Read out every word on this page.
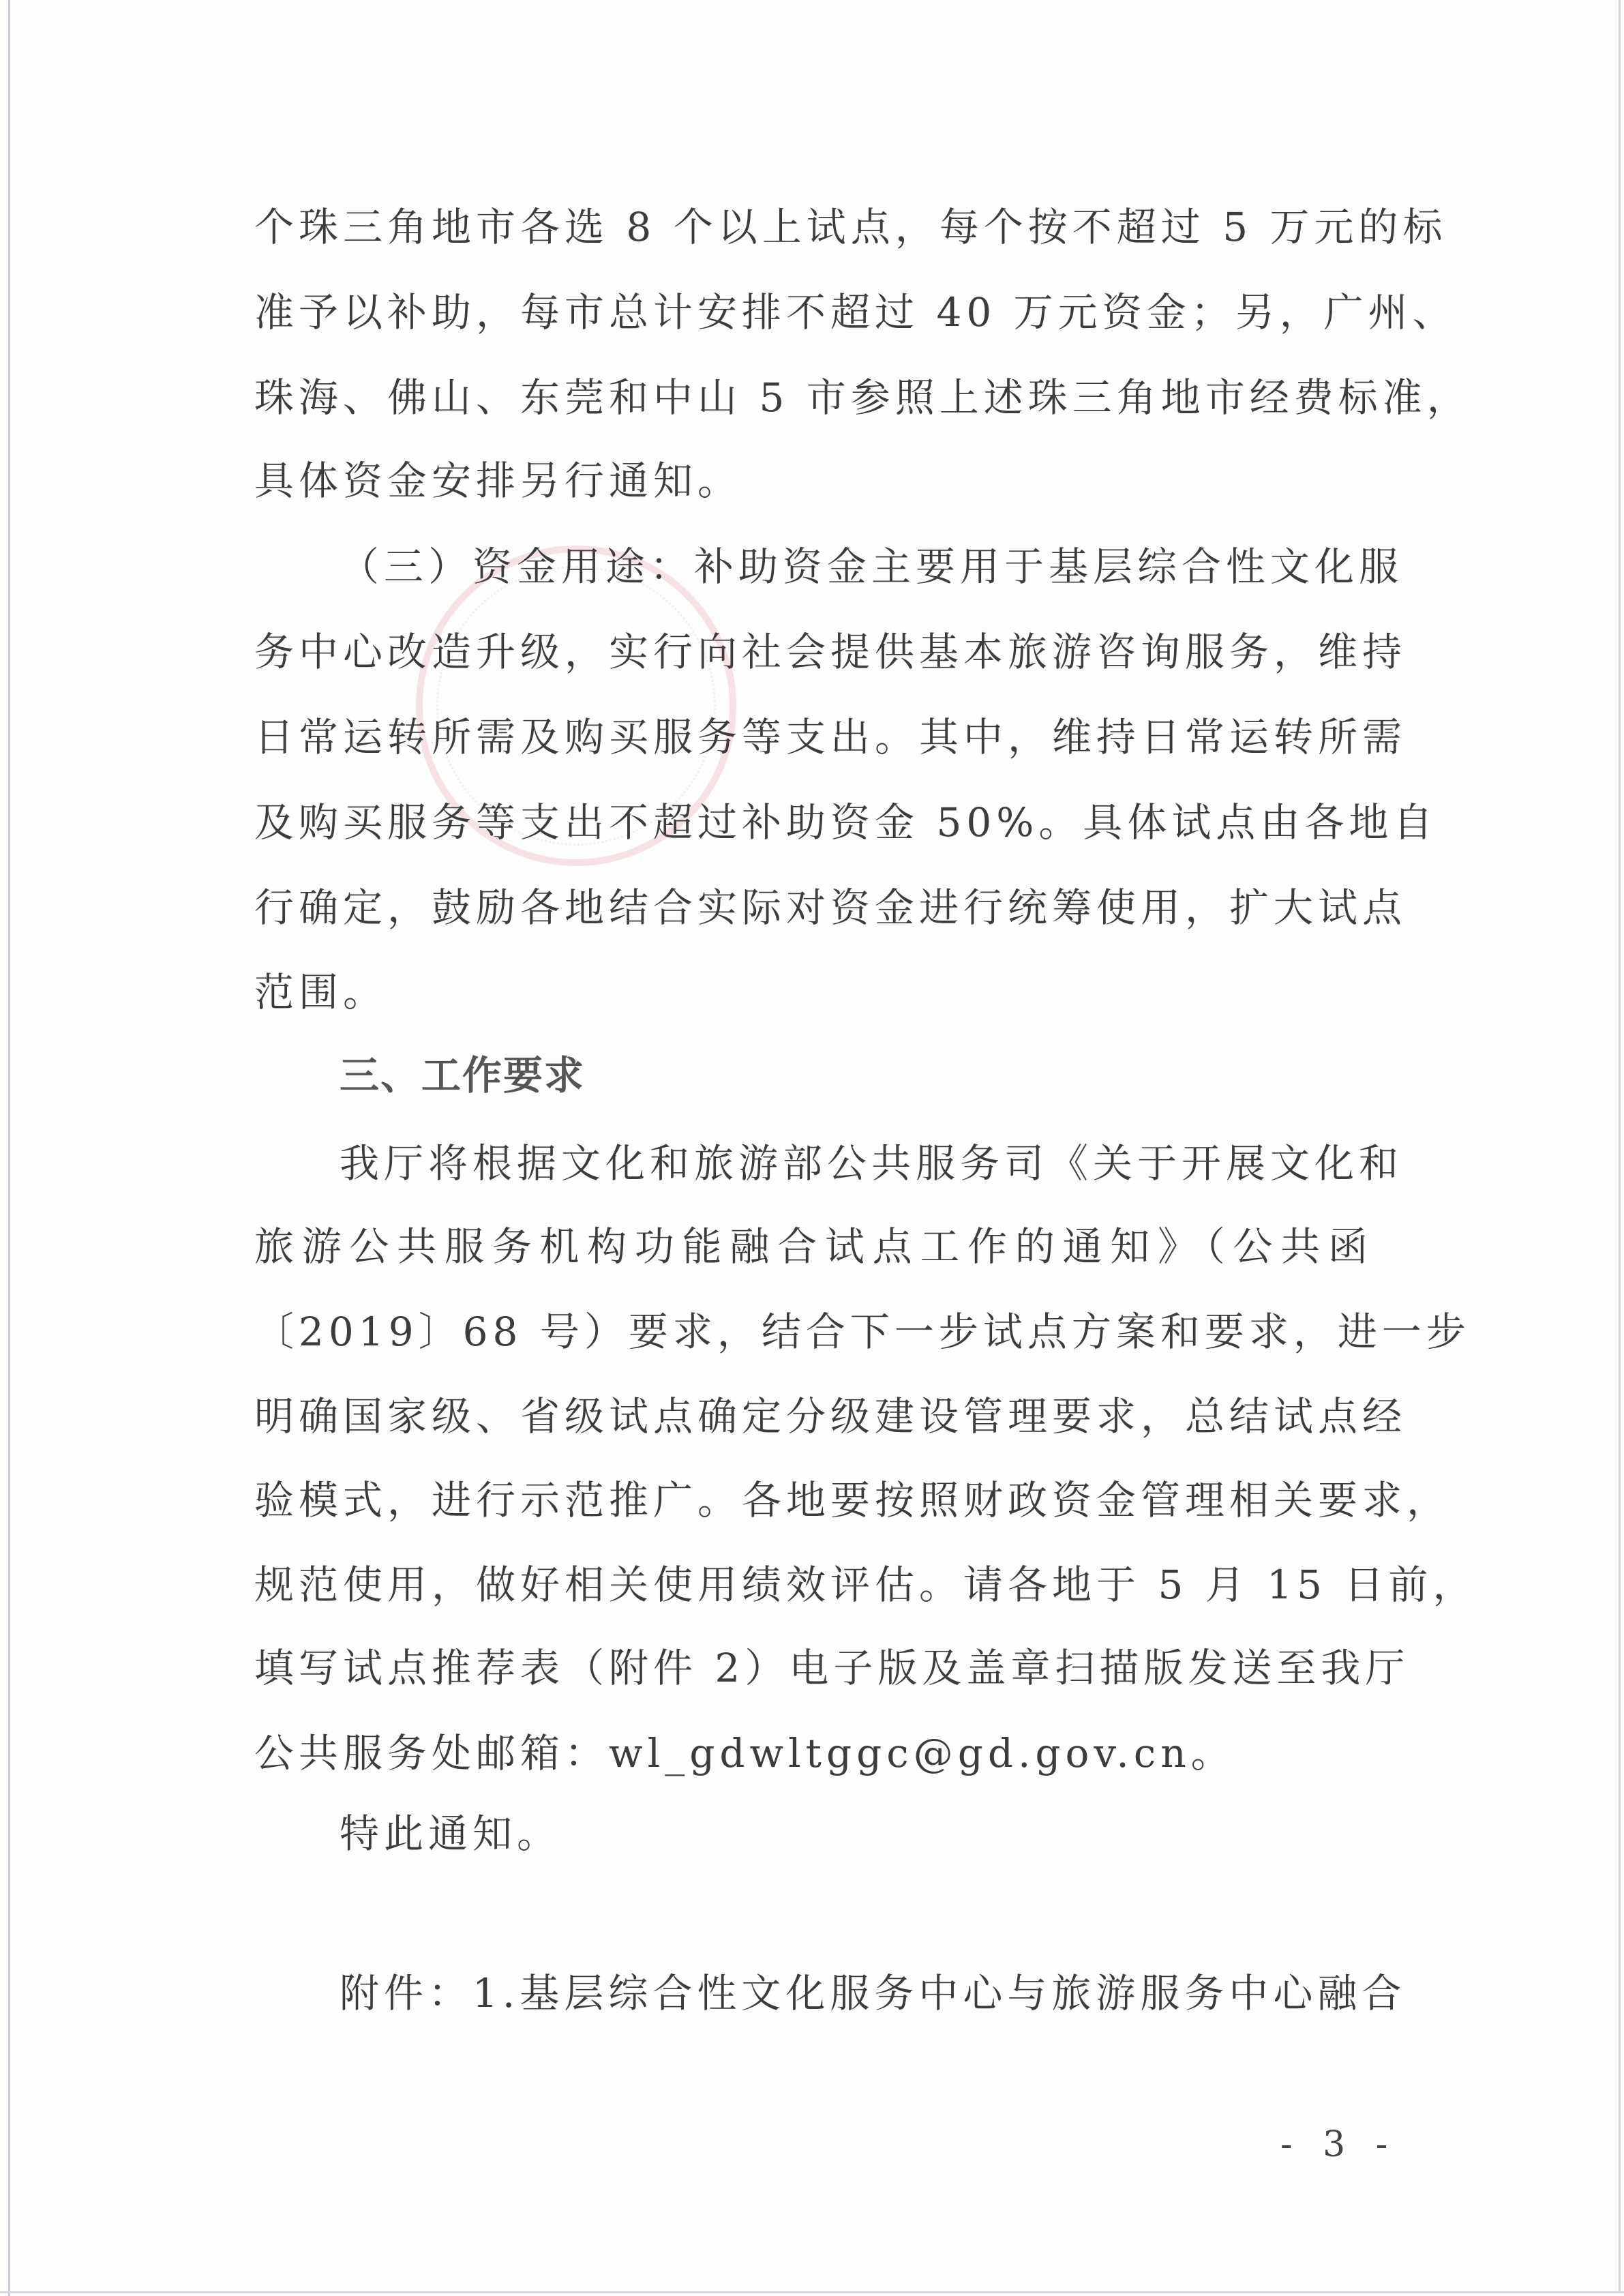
个珠三角地市各选 8 个以上试点，每个按不超过 5 万元的标
准予以补助，每市总计安排不超过 40 万元资金；另，广州、
珠海、佛山、东莞和中山 5 市参照上述珠三角地市经费标准，
具体资金安排另行通知。
（三）资金用途：补助资金主要用于基层综合性文化服
务中心改造升级，实行向社会提供基本旅游咨询服务，维持
日常运转所需及购买服务等支出。其中，维持日常运转所需
及购买服务等支出不超过补助资金 50%。具体试点由各地自
行确定，鼓励各地结合实际对资金进行统筹使用，扩大试点
范围。
三、工作要求
我厅将根据文化和旅游部公共服务司《关于开展文化和
旅游公共服务机构功能融合试点工作的通知》（公共函
〔2019〕68 号）要求，结合下一步试点方案和要求，进一步
明确国家级、省级试点确定分级建设管理要求，总结试点经
验模式，进行示范推广。各地要按照财政资金管理相关要求，
规范使用，做好相关使用绩效评估。请各地于 5 月 15 日前，
填写试点推荐表（附件 2）电子版及盖章扫描版发送至我厅
公共服务处邮箱：wl_gdwltggc@gd.gov.cn。
特此通知。
附件：1.基层综合性文化服务中心与旅游服务中心融合
- 3 -
